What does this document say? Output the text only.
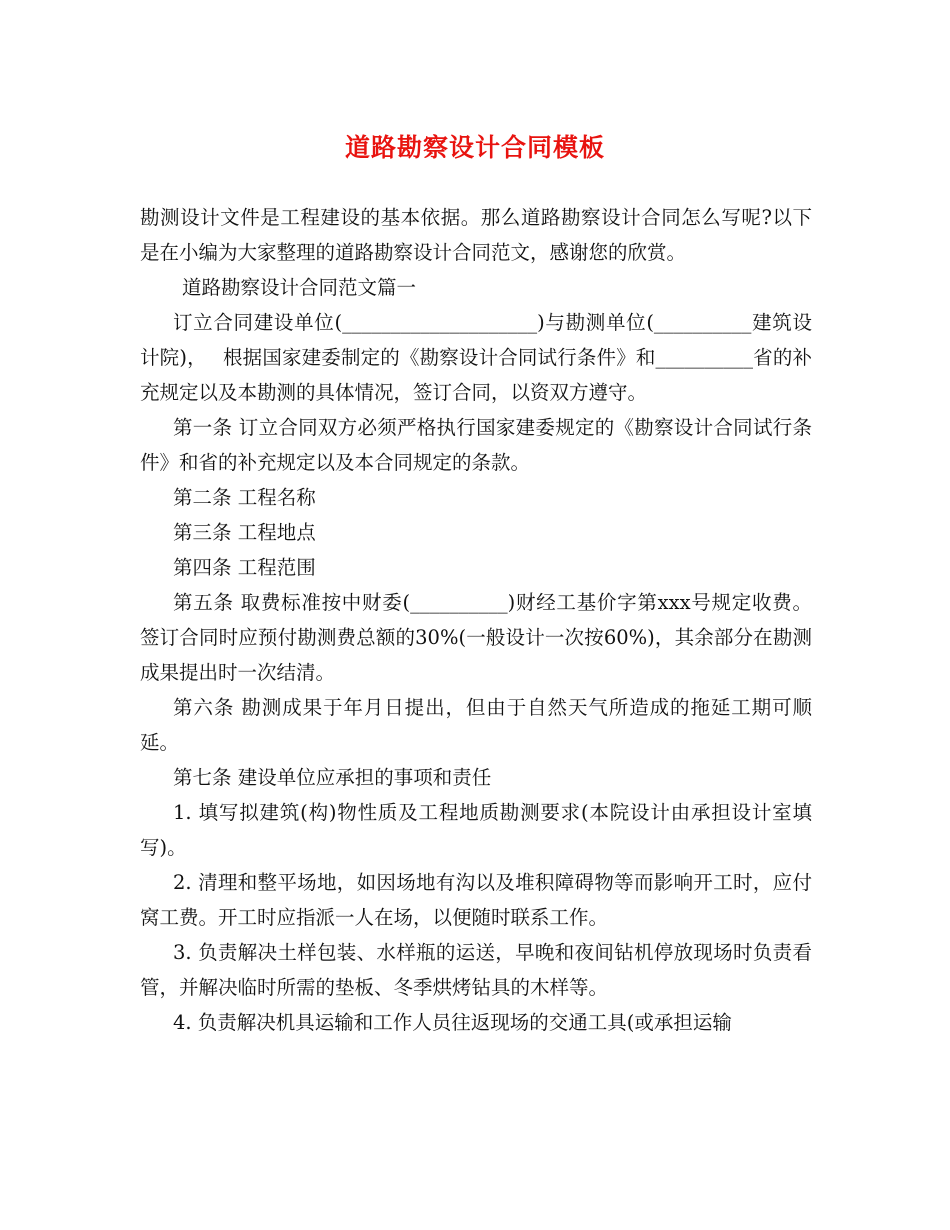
道路勘察设计合同模板

勘测设计文件是工程建设的基本依据。那么道路勘察设计合同怎么写呢?以下是在小编为大家整理的道路勘察设计合同范文，感谢您的欣赏。

道路勘察设计合同范文篇一

订立合同建设单位(____________________)与勘测单位(__________建筑设计院)，　 根据国家建委制定的《勘察设计合同试行条件》和__________省的补充规定以及本勘测的具体情况，签订合同，以资双方遵守。

第一条 订立合同双方必须严格执行国家建委规定的《勘察设计合同试行条件》和省的补充规定以及本合同规定的条款。

第二条 工程名称

第三条 工程地点

第四条 工程范围

第五条 取费标准按中财委(__________)财经工基价字第xxx号规定收费。签订合同时应预付勘测费总额的30%(一般设计一次按60%)，其余部分在勘测成果提出时一次结清。

第六条 勘测成果于年月日提出，但由于自然天气所造成的拖延工期可顺延。

第七条 建设单位应承担的事项和责任

1. 填写拟建筑(构)物性质及工程地质勘测要求(本院设计由承担设计室填写)。

2. 清理和整平场地，如因场地有沟以及堆积障碍物等而影响开工时，应付窝工费。开工时应指派一人在场，以便随时联系工作。

3. 负责解决土样包装、水样瓶的运送，早晚和夜间钻机停放现场时负责看管，并解决临时所需的垫板、冬季烘烤钻具的木样等。

4. 负责解决机具运输和工作人员往返现场的交通工具(或承担运输
